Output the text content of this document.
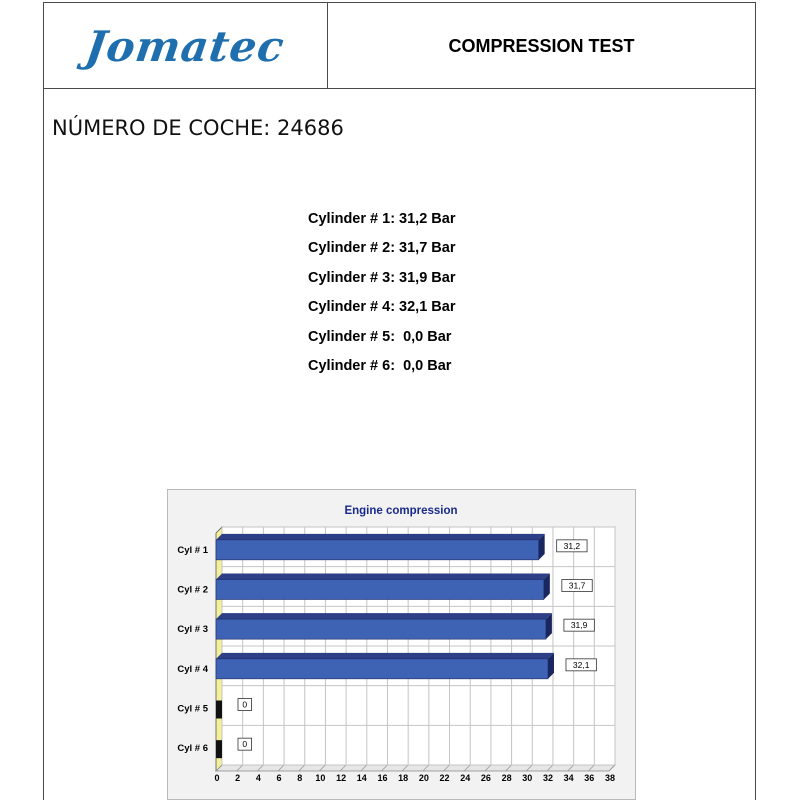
Jomatec	COMPRESSION TEST
NÚMERO DE COCHE: 24686
Cylinder # 1: 31,2 Bar
Cylinder # 2: 31,7 Bar
Cylinder # 3: 31,9 Bar
Cylinder # 4: 32,1 Bar
Cylinder # 5:  0,0 Bar
Cylinder # 6:  0,0 Bar
Engine compression
0 2 4 6 8 10 12 14 16 18 20 22 24 26 28 30 32 34 36 38
Cyl # 1	31,2
Cyl # 2	31,7
Cyl # 3	31,9
Cyl # 4	32,1
Cyl # 5	0
Cyl # 6	0
